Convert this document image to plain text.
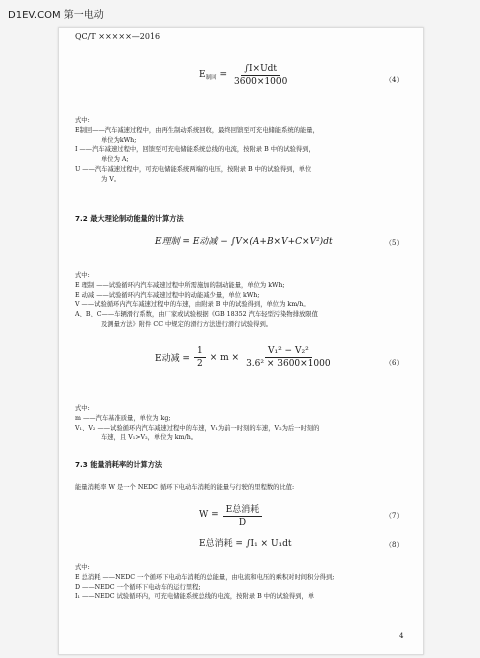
D1EV.COM 第一电动
QC/T ×××××—2016
$E_{制回} = \frac{\text{∫I×Udt}}{3600\times 1000}$	（4）
式中:
E制回——汽车减速过程中，由再生制动系统回收，最终回馈至可充电储能系统的能量，
单位为kWh;
I ——汽车减速过程中，回馈至可充电储能系统总线的电流，按附录 B 中的试验得到，
单位为 A;
U ——汽车减速过程中，可充电储能系统两端的电压，按附录 B 中的试验得到，单位
为 V。
7.2 最大理论制动能量的计算方法
E理制 = E动减 − ∫V×(A+B×V+C×V²)dt	（5）
式中:
E 理制 ——试验循环内汽车减速过程中所需施加的制动能量，单位为 kWh;
E 动减 ——试验循环内汽车减速过程中的动能减少量，单位 kWh;
V ——试验循环内汽车减速过程中的车速，由附录 B 中的试验得到，单位为 km/h。
A、B、C——车辆滑行系数，由厂家或试验根据《GB 18352 汽车轻型污染物排放限值
及测量方法》附件 CC 中规定的滑行方法进行滑行试验得到。
E动减 = $\frac{1}{2} \times m \times \frac{\text{V₁² − V₂²}}{\text{3.6² × 3600×1000}}$	（6）
式中:
m ——汽车基准质量，单位为 kg;
V₁、V₂ ——试验循环内汽车减速过程中的车速，V₁为前一时刻的车速，V₂为后一时刻的
车速，且 V₁>V₂，单位为 km/h。
7.3 能量消耗率的计算方法
能量消耗率 W 是一个 NEDC 循环下电动车消耗的能量与行驶的里程数的比值:
$W = \frac{\text{E总消耗}}{D}$	（7）
E总消耗 = ∫I₁ × U₁dt	（8）
式中:
E 总消耗 ——NEDC 一个循环下电动车消耗的总能量，由电流和电压的乘积对时间积分得到;
D ——NEDC 一个循环下电动车的运行里程;
I₁ ——NEDC 试验循环内，可充电储能系统总线的电流，按附录 B 中的试验得到，单
4
